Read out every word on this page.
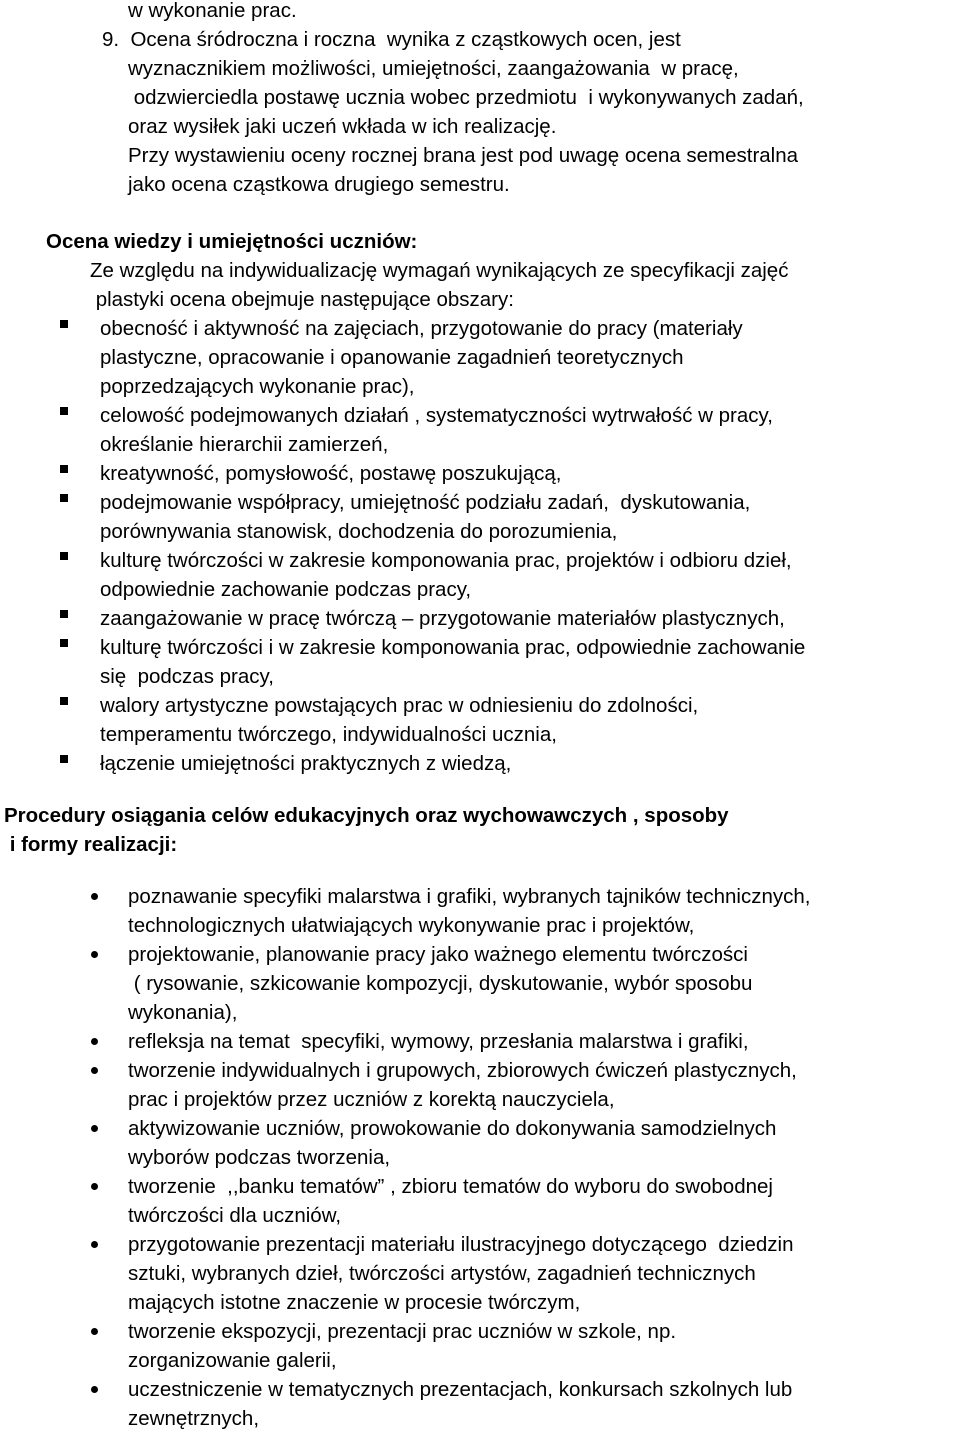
w wykonanie prac.
9.  Ocena śródroczna i roczna  wynika z cząstkowych ocen, jest
wyznacznikiem możliwości, umiejętności, zaangażowania  w pracę,
odzwierciedla postawę ucznia wobec przedmiotu  i wykonywanych zadań,
oraz wysiłek jaki uczeń wkłada w ich realizację.
Przy wystawieniu oceny rocznej brana jest pod uwagę ocena semestralna
jako ocena cząstkowa drugiego semestru.
Ocena wiedzy i umiejętności uczniów:
Ze względu na indywidualizację wymagań wynikających ze specyfikacji zajęć
plastyki ocena obejmuje następujące obszary:
obecność i aktywność na zajęciach, przygotowanie do pracy (materiały
plastyczne, opracowanie i opanowanie zagadnień teoretycznych
poprzedzających wykonanie prac),
celowość podejmowanych działań , systematyczności wytrwałość w pracy,
określanie hierarchii zamierzeń,
kreatywność, pomysłowość, postawę poszukującą,
podejmowanie współpracy, umiejętność podziału zadań,  dyskutowania,
porównywania stanowisk, dochodzenia do porozumienia,
kulturę twórczości w zakresie komponowania prac, projektów i odbioru dzieł,
odpowiednie zachowanie podczas pracy,
zaangażowanie w pracę twórczą – przygotowanie materiałów plastycznych,
kulturę twórczości i w zakresie komponowania prac, odpowiednie zachowanie
się  podczas pracy,
walory artystyczne powstających prac w odniesieniu do zdolności,
temperamentu twórczego, indywidualności ucznia,
łączenie umiejętności praktycznych z wiedzą,
Procedury osiągania celów edukacyjnych oraz wychowawczych , sposoby
i formy realizacji:
poznawanie specyfiki malarstwa i grafiki, wybranych tajników technicznych,
technologicznych ułatwiających wykonywanie prac i projektów,
projektowanie, planowanie pracy jako ważnego elementu twórczości
( rysowanie, szkicowanie kompozycji, dyskutowanie, wybór sposobu
wykonania),
refleksja na temat  specyfiki, wymowy, przesłania malarstwa i grafiki,
tworzenie indywidualnych i grupowych, zbiorowych ćwiczeń plastycznych,
prac i projektów przez uczniów z korektą nauczyciela,
aktywizowanie uczniów, prowokowanie do dokonywania samodzielnych
wyborów podczas tworzenia,
tworzenie  ,,banku tematów” , zbioru tematów do wyboru do swobodnej
twórczości dla uczniów,
przygotowanie prezentacji materiału ilustracyjnego dotyczącego  dziedzin
sztuki, wybranych dzieł, twórczości artystów, zagadnień technicznych
mających istotne znaczenie w procesie twórczym,
tworzenie ekspozycji, prezentacji prac uczniów w szkole, np.
zorganizowanie galerii,
uczestniczenie w tematycznych prezentacjach, konkursach szkolnych lub
zewnętrznych,
